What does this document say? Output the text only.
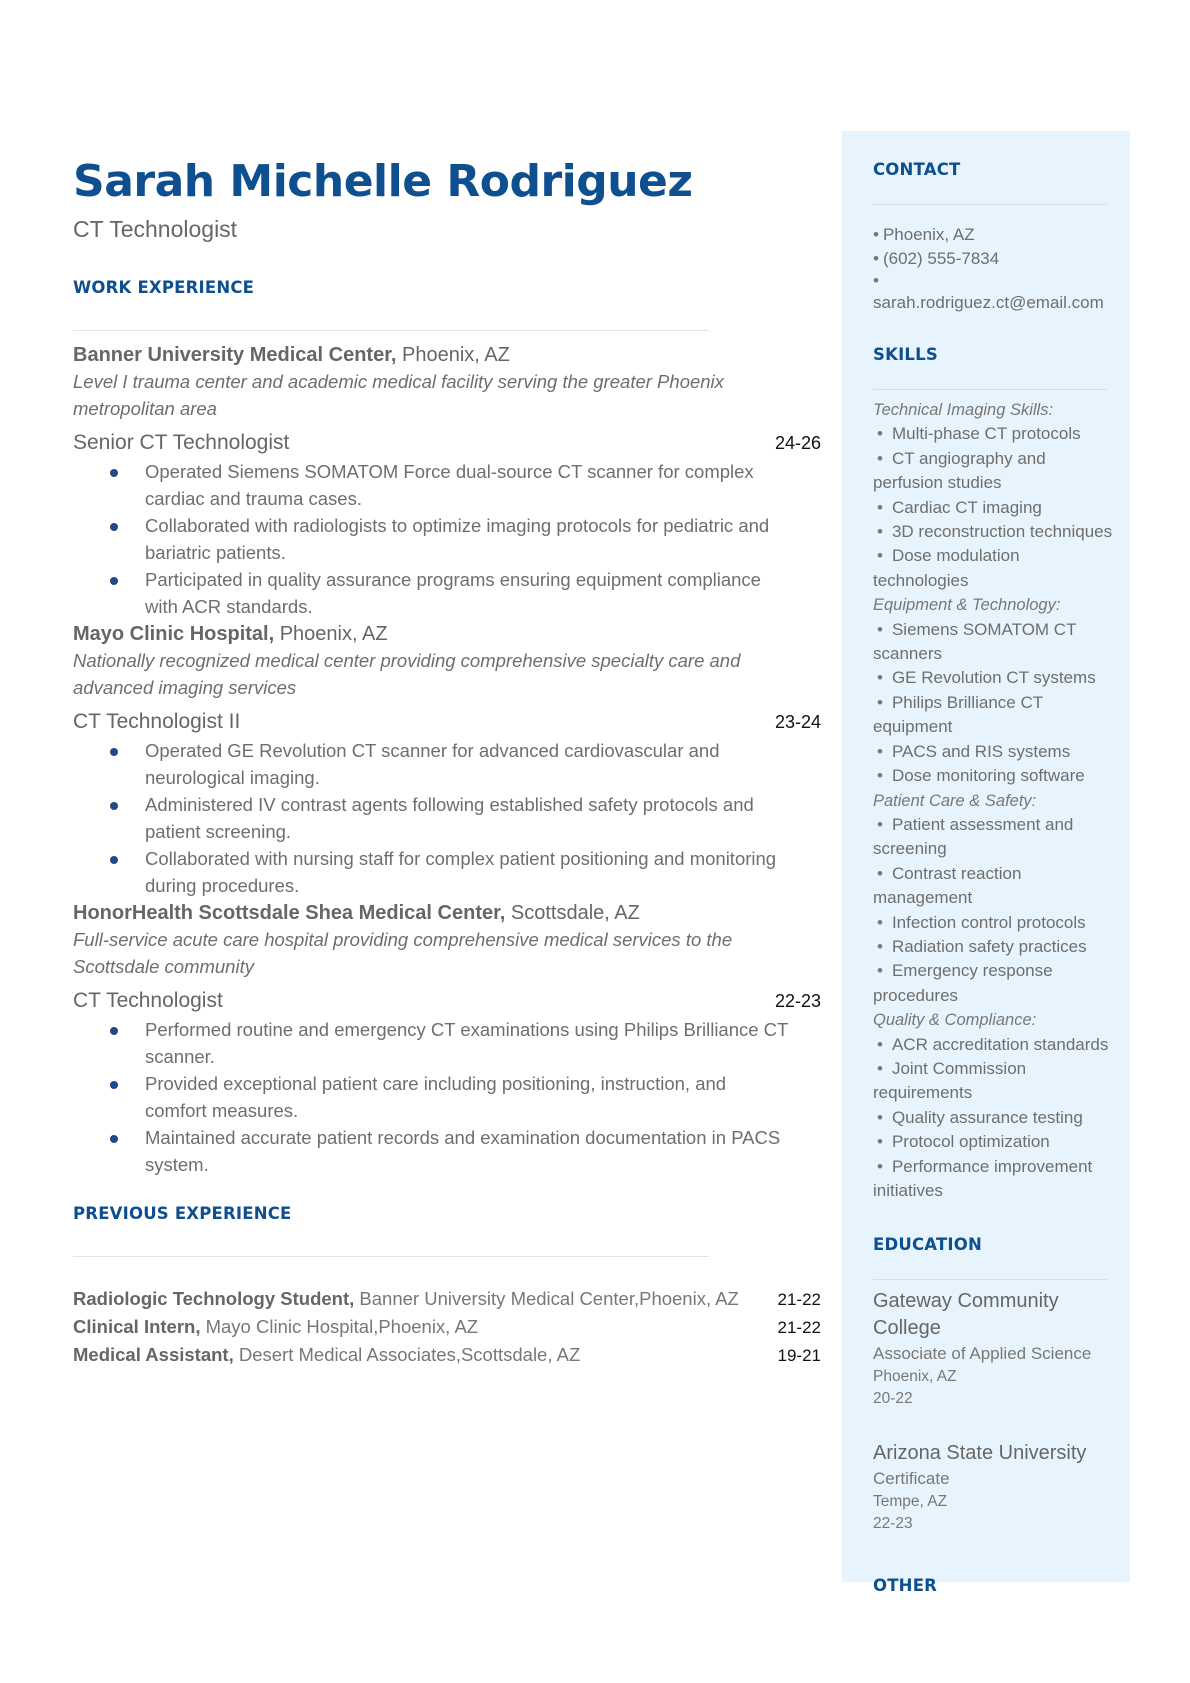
Sarah Michelle Rodriguez
CT Technologist
WORK EXPERIENCE
Banner University Medical Center, Phoenix, AZ
Level I trauma center and academic medical facility serving the greater Phoenix metropolitan area
Senior CT Technologist	24-26
Operated Siemens SOMATOM Force dual-source CT scanner for complex cardiac and trauma cases.
Collaborated with radiologists to optimize imaging protocols for pediatric and bariatric patients.
Participated in quality assurance programs ensuring equipment compliance with ACR standards.
Mayo Clinic Hospital, Phoenix, AZ
Nationally recognized medical center providing comprehensive specialty care and advanced imaging services
CT Technologist II	23-24
Operated GE Revolution CT scanner for advanced cardiovascular and neurological imaging.
Administered IV contrast agents following established safety protocols and patient screening.
Collaborated with nursing staff for complex patient positioning and monitoring during procedures.
HonorHealth Scottsdale Shea Medical Center, Scottsdale, AZ
Full-service acute care hospital providing comprehensive medical services to the Scottsdale community
CT Technologist	22-23
Performed routine and emergency CT examinations using Philips Brilliance CT scanner.
Provided exceptional patient care including positioning, instruction, and comfort measures.
Maintained accurate patient records and examination documentation in PACS system.
PREVIOUS EXPERIENCE
Radiologic Technology Student, Banner University Medical Center,Phoenix, AZ 21-22
Clinical Intern, Mayo Clinic Hospital,Phoenix, AZ	21-22
Medical Assistant, Desert Medical Associates,Scottsdale, AZ	19-21
CONTACT
• Phoenix, AZ
• (602) 555-7834
•
sarah.rodriguez.ct@email.com
SKILLS
Technical Imaging Skills:
• Multi-phase CT protocols
• CT angiography and perfusion studies
• Cardiac CT imaging
• 3D reconstruction techniques
• Dose modulation technologies
Equipment & Technology:
• Siemens SOMATOM CT scanners
• GE Revolution CT systems
• Philips Brilliance CT equipment
• PACS and RIS systems
• Dose monitoring software
Patient Care & Safety:
• Patient assessment and screening
• Contrast reaction management
• Infection control protocols
• Radiation safety practices
• Emergency response procedures
Quality & Compliance:
• ACR accreditation standards
• Joint Commission requirements
• Quality assurance testing
• Protocol optimization
• Performance improvement initiatives
EDUCATION
Gateway Community College
Associate of Applied Science
Phoenix, AZ
20-22
Arizona State University
Certificate
Tempe, AZ
22-23
OTHER
